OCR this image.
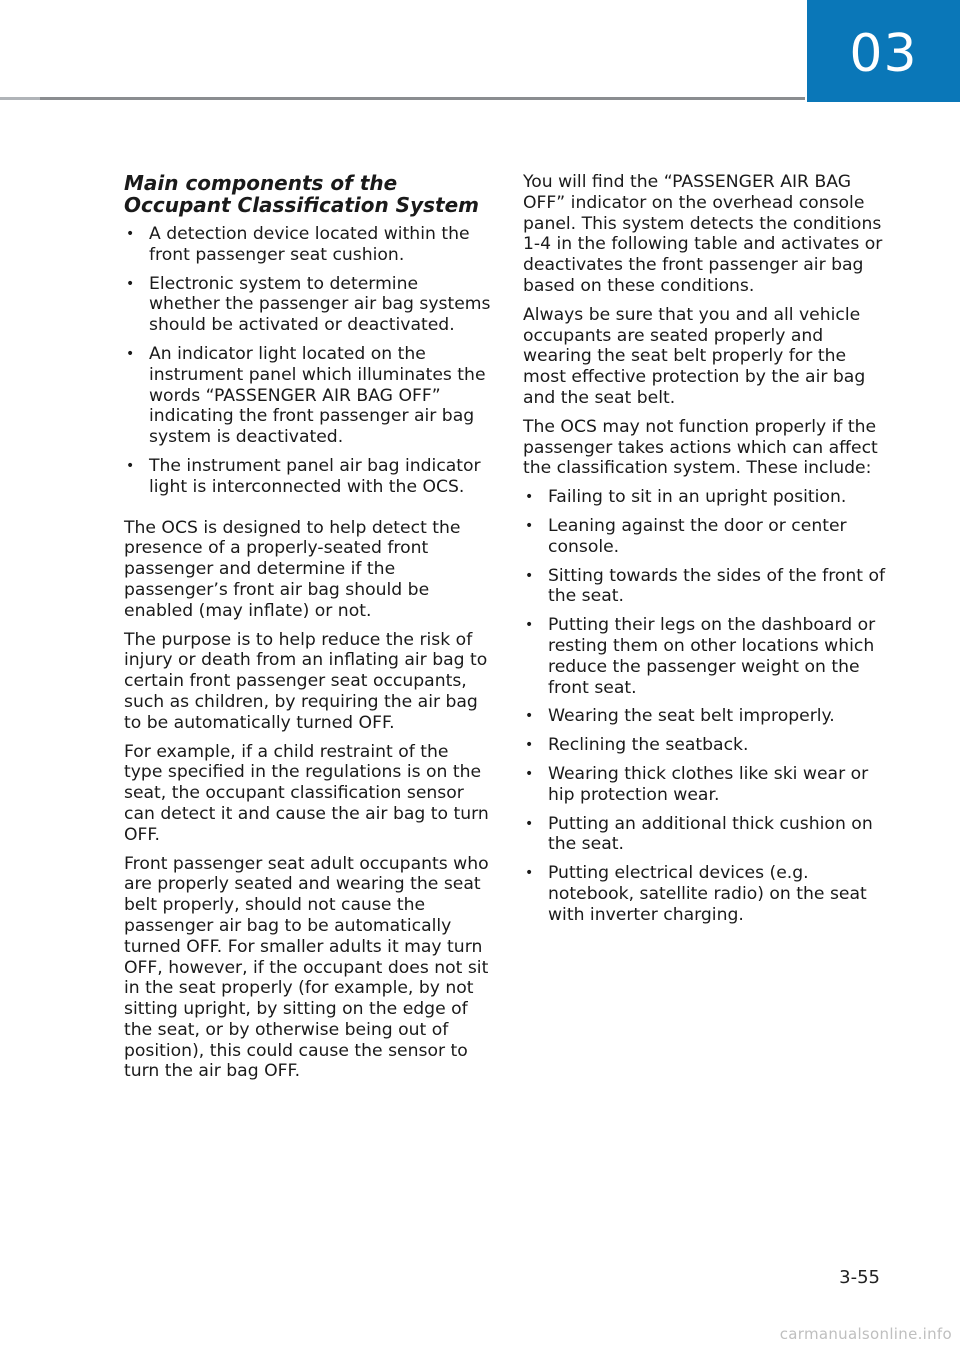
03
Main components of the Occupant Classification System
• A detection device located within the front passenger seat cushion.
• Electronic system to determine whether the passenger air bag systems should be activated or deactivated.
• An indicator light located on the instrument panel which illuminates the words “PASSENGER AIR BAG OFF” indicating the front passenger air bag system is deactivated.
• The instrument panel air bag indicator light is interconnected with the OCS.

The OCS is designed to help detect the presence of a properly-seated front passenger and determine if the passenger’s front air bag should be enabled (may inflate) or not.

The purpose is to help reduce the risk of injury or death from an inflating air bag to certain front passenger seat occupants, such as children, by requiring the air bag to be automatically turned OFF.

For example, if a child restraint of the type specified in the regulations is on the seat, the occupant classification sensor can detect it and cause the air bag to turn OFF.

Front passenger seat adult occupants who are properly seated and wearing the seat belt properly, should not cause the passenger air bag to be automatically turned OFF. For smaller adults it may turn OFF, however, if the occupant does not sit in the seat properly (for example, by not sitting upright, by sitting on the edge of the seat, or by otherwise being out of position), this could cause the sensor to turn the air bag OFF.

You will find the “PASSENGER AIR BAG OFF” indicator on the overhead console panel. This system detects the conditions 1-4 in the following table and activates or deactivates the front passenger air bag based on these conditions.

Always be sure that you and all vehicle occupants are seated properly and wearing the seat belt properly for the most effective protection by the air bag and the seat belt.

The OCS may not function properly if the passenger takes actions which can affect the classification system. These include:

• Failing to sit in an upright position.
• Leaning against the door or center console.
• Sitting towards the sides of the front of the seat.
• Putting their legs on the dashboard or resting them on other locations which reduce the passenger weight on the front seat.
• Wearing the seat belt improperly.
• Reclining the seatback.
• Wearing thick clothes like ski wear or hip protection wear.
• Putting an additional thick cushion on the seat.
• Putting electrical devices (e.g. notebook, satellite radio) on the seat with inverter charging.
3-55
carmanualsonline.info
